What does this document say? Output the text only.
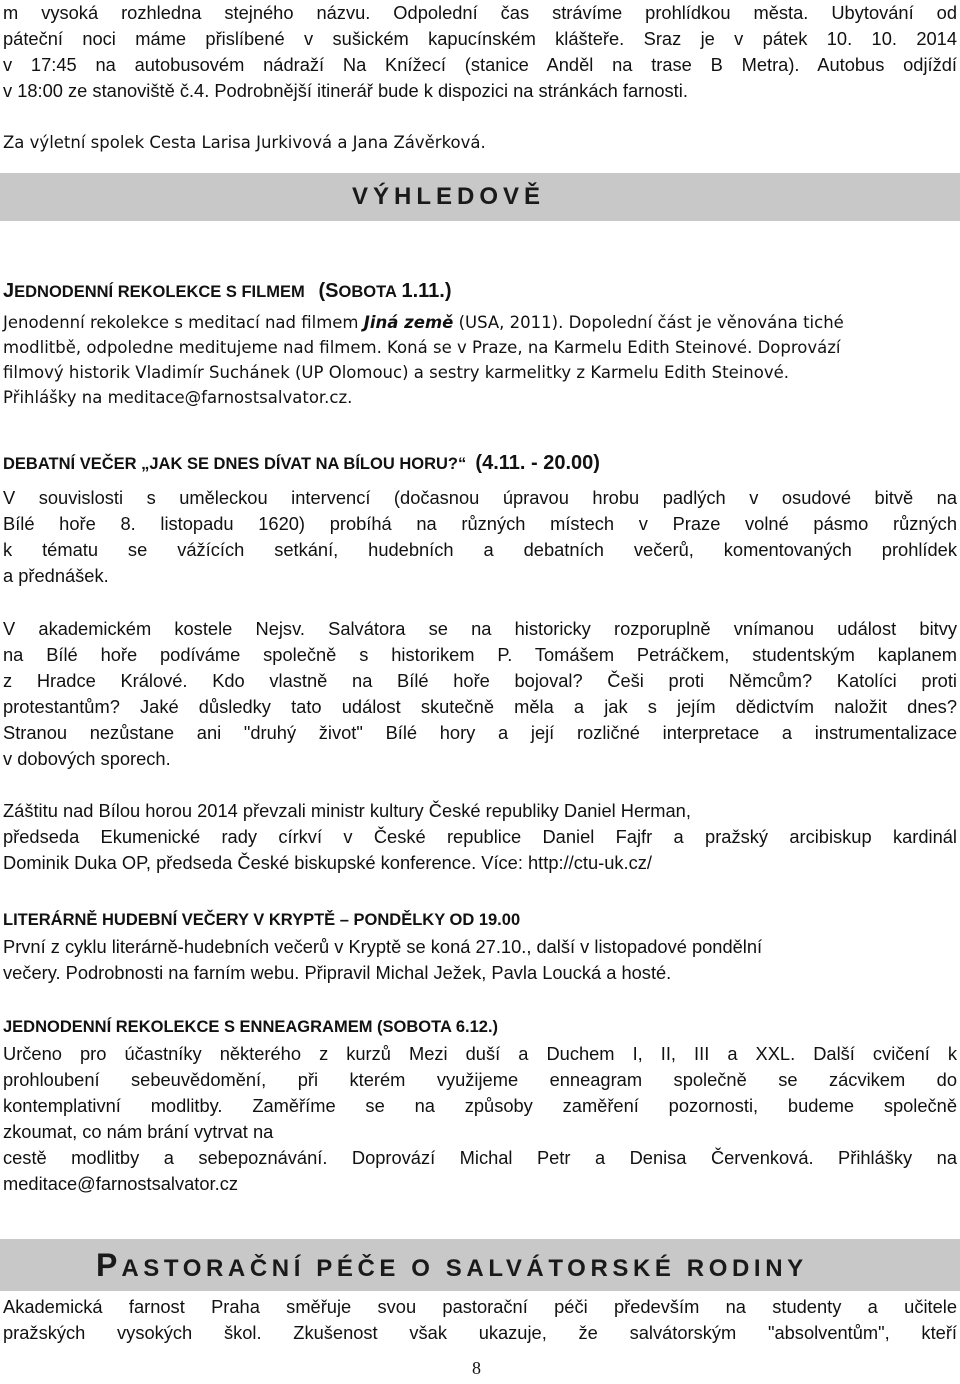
m vysoká rozhledna stejného názvu. Odpolední čas strávíme prohlídkou města. Ubytování od
páteční noci máme přislíbené v sušickém kapucínském klášteře. Sraz je v pátek 10. 10. 2014
v 17:45 na autobusovém nádraží Na Knížecí (stanice Anděl na trase B Metra). Autobus odjíždí
v 18:00 ze stanoviště č.4. Podrobnější itinerář bude k dispozici na stránkách farnosti.
Za výletní spolek Cesta Larisa Jurkivová a Jana Závěrková.
VÝHLEDOVĚ
JEDNODENNÍ REKOLEKCE S FILMEM (SOBOTA 1.11.)
Jenodenní rekolekce s meditací nad filmem Jiná země (USA, 2011). Dopolední část je věnována tiché
modlitbě, odpoledne meditujeme nad filmem. Koná se v Praze, na Karmelu Edith Steinové. Doprovází
filmový historik Vladimír Suchánek (UP Olomouc) a sestry karmelitky z Karmelu Edith Steinové.
Přihlášky na meditace@farnostsalvator.cz.
DEBATNÍ VEČER „JAK SE DNES DÍVAT NA BÍLOU HORU?“ (4.11. - 20.00)
V souvislosti s uměleckou intervencí (dočasnou úpravou hrobu padlých v osudové bitvě na
Bílé hoře 8. listopadu 1620) probíhá na různých místech v Praze volné pásmo různých
k tématu se vážících setkání, hudebních a debatních večerů, komentovaných prohlídek
a přednášek.
V akademickém kostele Nejsv. Salvátora se na historicky rozporuplně vnímanou událost bitvy
na Bílé hoře podíváme společně s historikem P. Tomášem Petráčkem, studentským kaplanem
z Hradce Králové. Kdo vlastně na Bílé hoře bojoval? Češi proti Němcům? Katolíci proti
protestantům? Jaké důsledky tato událost skutečně měla a jak s jejím dědictvím naložit dnes?
Stranou nezůstane ani "druhý život" Bílé hory a její rozličné interpretace a instrumentalizace
v dobových sporech.
Záštitu nad Bílou horou 2014 převzali ministr kultury České republiky Daniel Herman,
předseda Ekumenické rady církví v České republice Daniel Fajfr a pražský arcibiskup kardinál
Dominik Duka OP, předseda České biskupské konference. Více: http://ctu-uk.cz/
LITERÁRNĚ HUDEBNÍ VEČERY V KRYPTĚ – PONDĚLKY OD 19.00
První z cyklu literárně-hudebních večerů v Kryptě se koná 27.10., další v listopadové pondělní
večery. Podrobnosti na farním webu. Připravil Michal Ježek, Pavla Loucká a hosté.
JEDNODENNÍ REKOLEKCE S ENNEAGRAMEM (SOBOTA 6.12.)
Určeno pro účastníky některého z kurzů Mezi duší a Duchem I, II, III a XXL. Další cvičení k
prohloubení sebeuvědomění, při kterém využijeme enneagram společně se zácvikem do
kontemplativní modlitby. Zaměříme se na způsoby zaměření pozornosti, budeme společně
zkoumat, co nám brání vytrvat na
cestě modlitby a sebepoznávání. Doprovází Michal Petr a Denisa Červenková. Přihlášky na
meditace@farnostsalvator.cz
PASTORAČNÍ PÉČE O SALVÁTORSKÉ RODINY
Akademická farnost Praha směřuje svou pastorační péči především na studenty a učitele
pražských vysokých škol. Zkušenost však ukazuje, že salvátorským "absolventům", kteří
8
